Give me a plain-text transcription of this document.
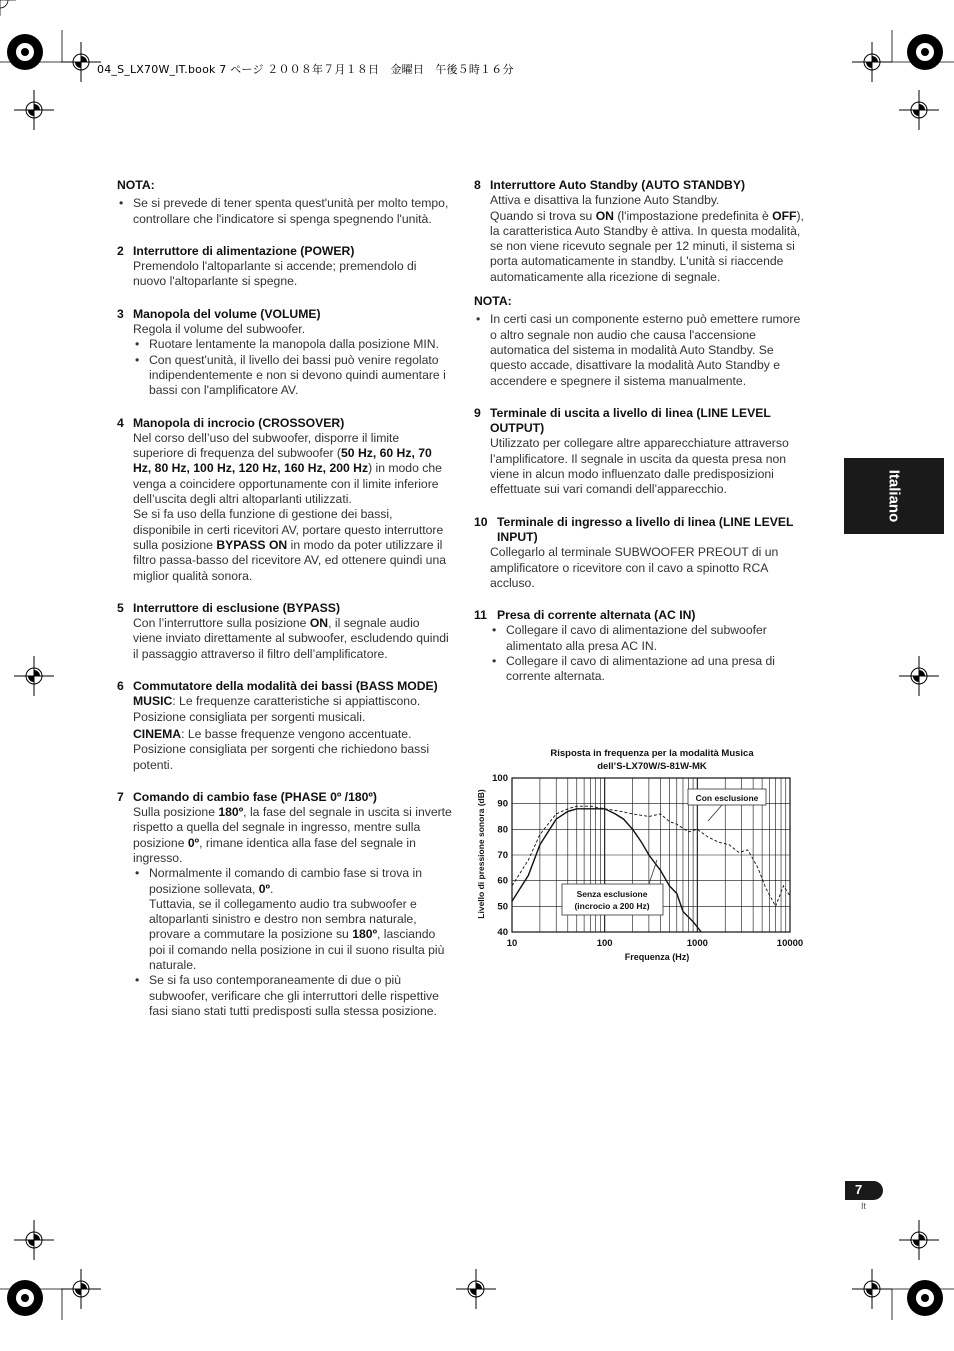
04_S_LX70W_IT.book 7 ページ ２００８年７月１８日　金曜日　午後５時１６分

NOTA:

• Se si prevede di tener spenta quest'unità per molto tempo, controllare che l'indicatore si spenga spegnendo l'unità.

2 Interruttore di alimentazione (POWER)

Premendolo l'altoparlante si accende; premendolo di nuovo l'altoparlante si spegne.

3 Manopola del volume (VOLUME)

Regola il volume del subwoofer.

• Ruotare lentamente la manopola dalla posizione MIN.

• Con quest'unità, il livello dei bassi può venire regolato indipendentemente e non si devono quindi aumentare i bassi con l'amplificatore AV.

4 Manopola di incrocio (CROSSOVER)

Nel corso dell’uso del subwoofer, disporre il limite superiore di frequenza del subwoofer (50 Hz, 60 Hz, 70 Hz, 80 Hz, 100 Hz, 120 Hz, 160 Hz, 200 Hz) in modo che venga a coincidere opportunamente con il limite inferiore dell’uscita degli altri altoparlanti utilizzati.

Se si fa uso della funzione di gestione dei bassi, disponibile in certi ricevitori AV, portare questo interruttore sulla posizione BYPASS ON in modo da poter utilizzare il filtro passa-basso del ricevitore AV, ed ottenere quindi una miglior qualità sonora.

5 Interruttore di esclusione (BYPASS)

Con l’interruttore sulla posizione ON, il segnale audio viene inviato direttamente al subwoofer, escludendo quindi il passaggio attraverso il filtro dell’amplificatore.

6 Commutatore della modalità dei bassi (BASS MODE)

MUSIC: Le frequenze caratteristiche si appiattiscono. Posizione consigliata per sorgenti musicali.

CINEMA: Le basse frequenze vengono accentuate. Posizione consigliata per sorgenti che richiedono bassi potenti.

7 Comando di cambio fase (PHASE 0º /180º)

Sulla posizione 180º, la fase del segnale in uscita si inverte rispetto a quella del segnale in ingresso, mentre sulla posizione 0º, rimane identica alla fase del segnale in ingresso.

• Normalmente il comando di cambio fase si trova in posizione sollevata, 0º.
Tuttavia, se il collegamento audio tra subwoofer e altoparlanti sinistro e destro non sembra naturale, provare a commutare la posizione su 180º, lasciando poi il comando nella posizione in cui il suono risulta più naturale.

• Se si fa uso contemporaneamente di due o più subwoofer, verificare che gli interruttori delle rispettive fasi siano stati tutti predisposti sulla stessa posizione.

8 Interruttore Auto Standby (AUTO STANDBY)

Attiva e disattiva la funzione Auto Standby.

Quando si trova su ON (l'impostazione predefinita è OFF), la caratteristica Auto Standby è attiva. In questa modalità, se non viene ricevuto segnale per 12 minuti, il sistema si porta automaticamente in standby. L'unità si riaccende automaticamente alla ricezione di segnale.

NOTA:

• In certi casi un componente esterno può emettere rumore o altro segnale non audio che causa l'accensione automatica del sistema in modalità Auto Standby. Se questo accade, disattivare la modalità Auto Standby e accendere e spegnere il sistema manualmente.

9 Terminale di uscita a livello di linea (LINE LEVEL OUTPUT)

Utilizzato per collegare altre apparecchiature attraverso l’amplificatore. Il segnale in uscita da questa presa non viene in alcun modo influenzato dalle predisposizioni effettuate sui vari comandi dell’apparecchio.

10 Terminale di ingresso a livello di linea (LINE LEVEL INPUT)

Collegarlo al terminale SUBWOOFER PREOUT di un amplificatore o ricevitore con il cavo a spinotto RCA accluso.

11 Presa di corrente alternata (AC IN)

• Collegare il cavo di alimentazione del subwoofer alimentato alla presa AC IN.

• Collegare il cavo di alimentazione ad una presa di corrente alternata.

Risposta in frequenza per la modalità Musica
dell’S-LX70W/S-81W-MK
100
90
80
70
60
50
40
10	100	1000	10000
Livello di pressione sonora (dB)
Frequenza (Hz)
Con esclusione
Senza esclusione
(incrocio a 200 Hz)
Italiano
7
It
